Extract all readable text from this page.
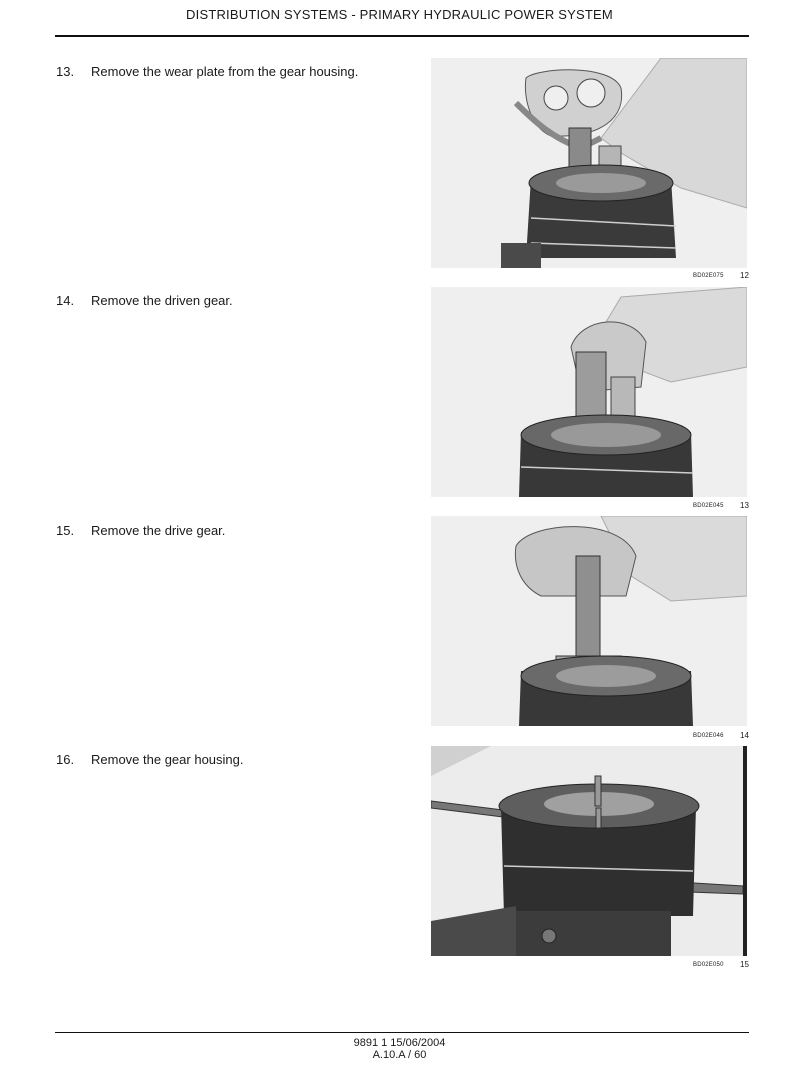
DISTRIBUTION SYSTEMS - PRIMARY HYDRAULIC POWER SYSTEM
13. Remove the wear plate from the gear housing.
BD02E075 12
14. Remove the driven gear.
BD02E045 13
15. Remove the drive gear.
BD02E046 14
16. Remove the gear housing.
BD02E050 15
9891 1 15/06/2004
A.10.A / 60
